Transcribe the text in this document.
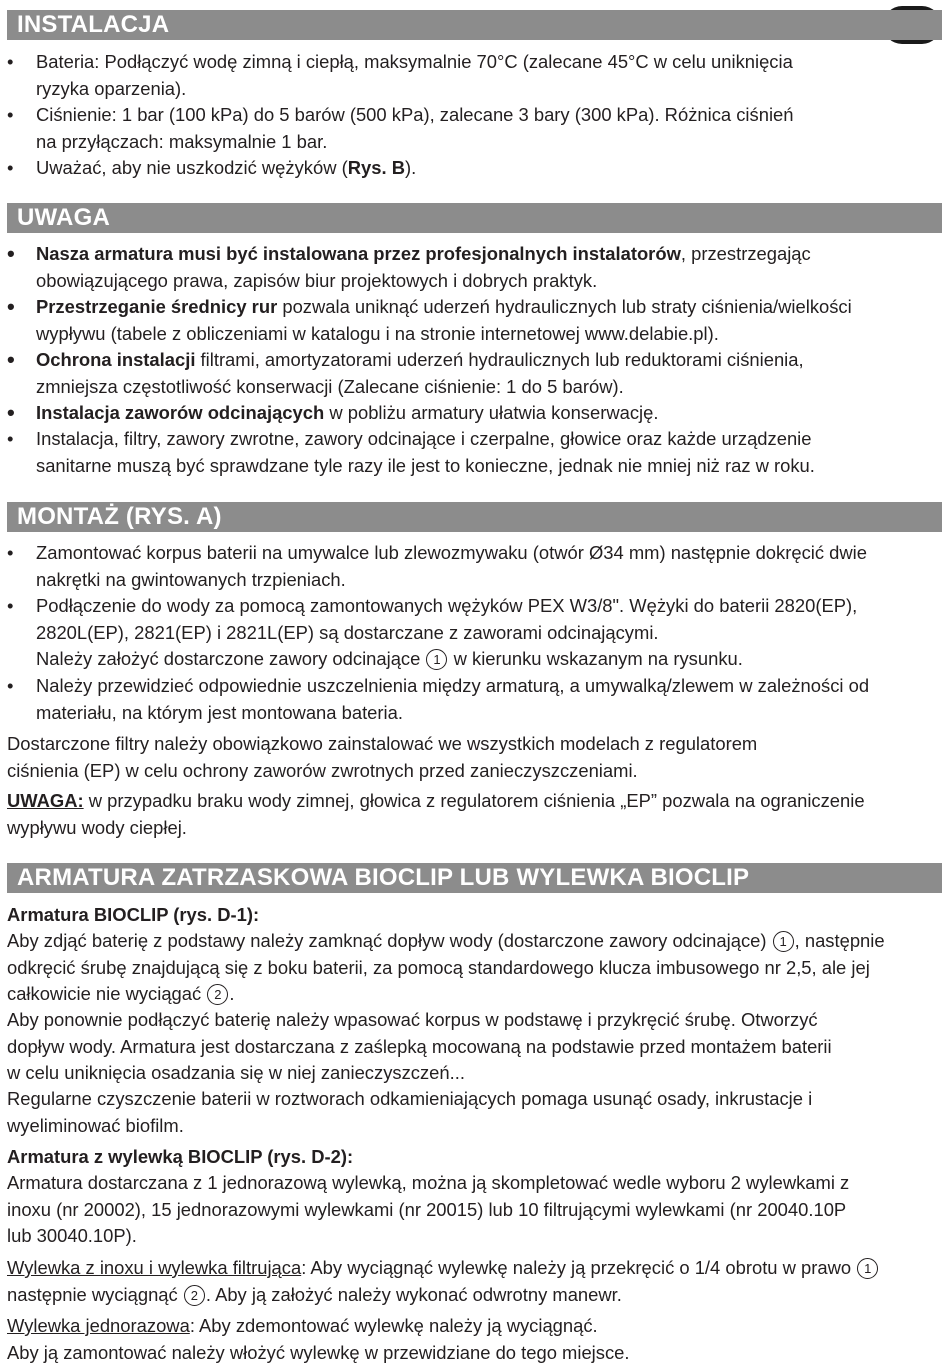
INSTALACJA
•	Bateria: Podłączyć wodę zimną i ciepłą, maksymalnie 70°C (zalecane 45°C w celu uniknięcia
ryzyka oparzenia).
•	Ciśnienie: 1 bar (100 kPa) do 5 barów (500 kPa), zalecane 3 bary (300 kPa). Różnica ciśnień
na przyłączach: maksymalnie 1 bar.
•	Uważać, aby nie uszkodzić wężyków (Rys. B).
UWAGA
•	Nasza armatura musi być instalowana przez profesjonalnych instalatorów, przestrzegając
obowiązującego prawa, zapisów biur projektowych i dobrych praktyk.
•	Przestrzeganie średnicy rur pozwala uniknąć uderzeń hydraulicznych lub straty ciśnienia/wielkości
wypływu (tabele z obliczeniami w katalogu i na stronie internetowej www.delabie.pl).
•	Ochrona instalacji filtrami, amortyzatorami uderzeń hydraulicznych lub reduktorami ciśnienia,
zmniejsza częstotliwość konserwacji (Zalecane ciśnienie: 1 do 5 barów).
•	Instalacja zaworów odcinających w pobliżu armatury ułatwia konserwację.
•	Instalacja, filtry, zawory zwrotne, zawory odcinające i czerpalne, głowice oraz każde urządzenie
sanitarne muszą być sprawdzane tyle razy ile jest to konieczne, jednak nie mniej niż raz w roku.
MONTAŻ (RYS. A)
•	Zamontować korpus baterii na umywalce lub zlewozmywaku (otwór Ø34 mm) następnie dokręcić dwie
nakrętki na gwintowanych trzpieniach.
•	Podłączenie do wody za pomocą zamontowanych wężyków PEX W3/8". Wężyki do baterii 2820(EP),
2820L(EP), 2821(EP) i 2821L(EP) są dostarczane z zaworami odcinającymi.
Należy założyć dostarczone zawory odcinające 1 w kierunku wskazanym na rysunku.
•	Należy przewidzieć odpowiednie uszczelnienia między armaturą, a umywalką/zlewem w zależności od
materiału, na którym jest montowana bateria.
Dostarczone filtry należy obowiązkowo zainstalować we wszystkich modelach z regulatorem
ciśnienia (EP) w celu ochrony zaworów zwrotnych przed zanieczyszczeniami.
UWAGA: w przypadku braku wody zimnej, głowica z regulatorem ciśnienia „EP” pozwala na ograniczenie
wypływu wody ciepłej.
ARMATURA ZATRZASKOWA BIOCLIP LUB WYLEWKA BIOCLIP
Armatura BIOCLIP (rys. D-1):
Aby zdjąć baterię z podstawy należy zamknąć dopływ wody (dostarczone zawory odcinające) 1 , następnie
odkręcić śrubę znajdującą się z boku baterii, za pomocą standardowego klucza imbusowego nr 2,5, ale jej
całkowicie nie wyciągać 2 .
Aby ponownie podłączyć baterię należy wpasować korpus w podstawę i przykręcić śrubę. Otworzyć
dopływ wody. Armatura jest dostarczana z zaślepką mocowaną na podstawie przed montażem baterii
w celu uniknięcia osadzania się w niej zanieczyszczeń...
Regularne czyszczenie baterii w roztworach odkamieniających pomaga usunąć osady, inkrustacje i
wyeliminować biofilm.
Armatura z wylewką BIOCLIP (rys. D-2):
Armatura dostarczana z 1 jednorazową wylewką, można ją skompletować wedle wyboru 2 wylewkami z
inoxu (nr 20002), 15 jednorazowymi wylewkami (nr 20015) lub 10 filtrującymi wylewkami (nr 20040.10P
lub 30040.10P).
Wylewka z inoxu i wylewka filtrująca: Aby wyciągnąć wylewkę należy ją przekręcić o 1/4 obrotu w prawo 1
następnie wyciągnąć 2 . Aby ją założyć należy wykonać odwrotny manewr.
Wylewka jednorazowa: Aby zdemontować wylewkę należy ją wyciągnąć.
Aby ją zamontować należy włożyć wylewkę w przewidziane do tego miejsce.
